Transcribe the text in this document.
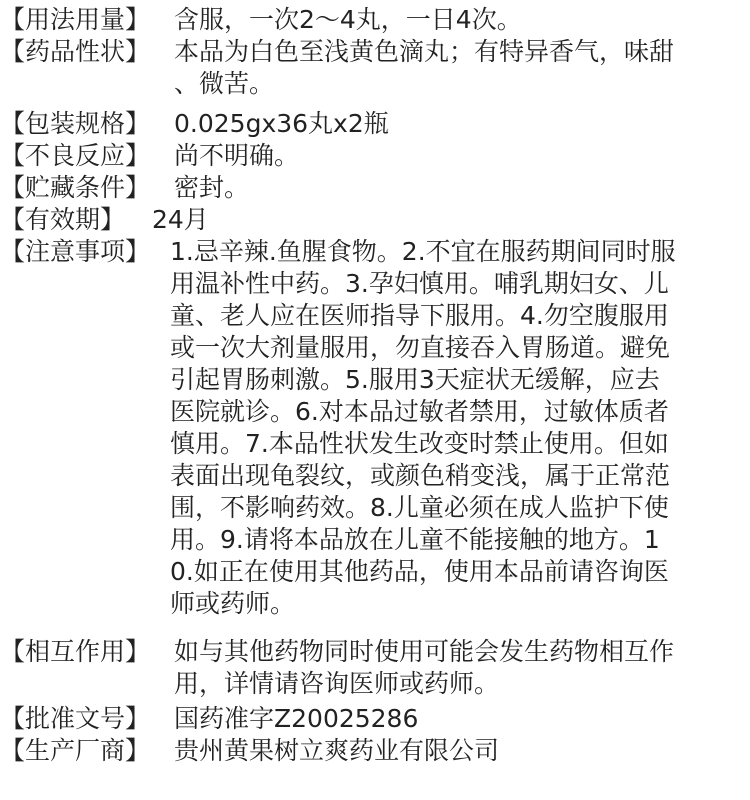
【用法用量】 含服，一次2～4丸，一日4次。
【药品性状】 本品为白色至浅黄色滴丸；有特异香气，味甜
、微苦。
【包装规格】 0.025gx36丸x2瓶
【不良反应】 尚不明确。
【贮藏条件】 密封。
【有效期】	24月
【注意事项】 1.忌辛辣.鱼腥食物。2.不宜在服药期间同时服
用温补性中药。3.孕妇慎用。哺乳期妇女、儿
童、老人应在医师指导下服用。4.勿空腹服用
或一次大剂量服用，勿直接吞入胃肠道。避免
引起胃肠刺激。5.服用3天症状无缓解，应去
医院就诊。6.对本品过敏者禁用，过敏体质者
慎用。7.本品性状发生改变时禁止使用。但如
表面出现龟裂纹，或颜色稍变浅，属于正常范
围，不影响药效。8.儿童必须在成人监护下使
用。9.请将本品放在儿童不能接触的地方。1
0.如正在使用其他药品，使用本品前请咨询医
师或药师。
【相互作用】 如与其他药物同时使用可能会发生药物相互作
用，详情请咨询医师或药师。
【批准文号】 国药准字Z20025286
【生产厂商】 贵州黄果树立爽药业有限公司
